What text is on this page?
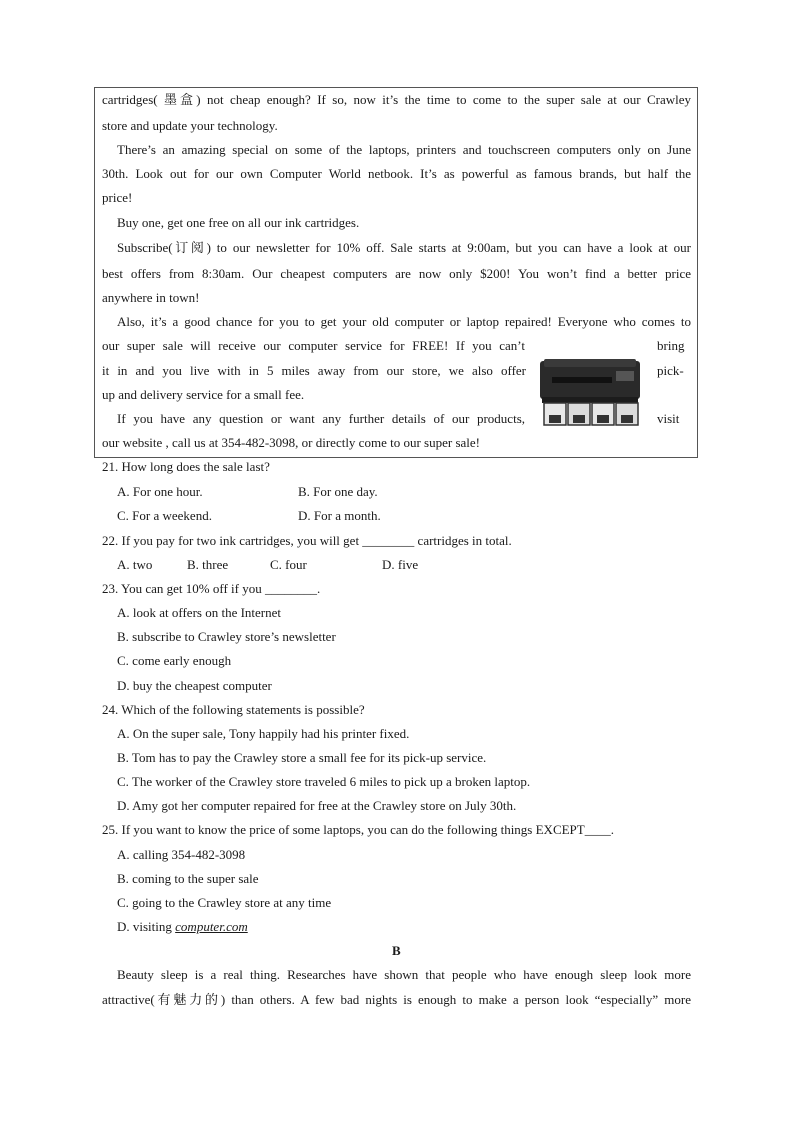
cartridges( 墨盒) not cheap enough? If so, now it’s the time to come to the super sale at our Crawley
store and update your technology.
There’s an amazing special on some of the laptops, printers and touchscreen computers only on June
30th. Look out for our own Computer World netbook. It’s as powerful as famous brands, but half the
price!
Buy one, get one free on all our ink cartridges.
Subscribe(订阅) to our newsletter for 10% off. Sale starts at 9:00am, but you can have a look at our
best offers from 8:30am. Our cheapest computers are now only $200! You won’t find a better price
anywhere in town!
Also, it’s a good chance for you to get your old computer or laptop repaired! Everyone who comes to
our super sale will receive our computer service for FREE! If you can’t
it in and you live with in 5 miles away from our store, we also offer
up and delivery service for a small fee.
If you have any question or want any further details of our products,
our website , call us at 354-482-3098, or directly come to our super sale!
bring
pick-
visit
21. How long does the sale last?
A. For one hour.	B. For one day.
C. For a weekend.	D. For a month.
22. If you pay for two ink cartridges, you will get ________ cartridges in total.
A. two	B. three	C. four	D. five
23. You can get 10% off if you ________.
A. look at offers on the Internet
B. subscribe to Crawley store’s newsletter
C. come early enough
D. buy the cheapest computer
24. Which of the following statements is possible?
A. On the super sale, Tony happily had his printer fixed.
B. Tom has to pay the Crawley store a small fee for its pick-up service.
C. The worker of the Crawley store traveled 6 miles to pick up a broken laptop.
D. Amy got her computer repaired for free at the Crawley store on July 30th.
25. If you want to know the price of some laptops, you can do the following things EXCEPT____.
A. calling 354-482-3098
B. coming to the super sale
C. going to the Crawley store at any time
D. visiting computer.com
B
Beauty sleep is a real thing. Researches have shown that people who have enough sleep look more
attractive(有魅力的) than others. A few bad nights is enough to make a person look “especially” more
